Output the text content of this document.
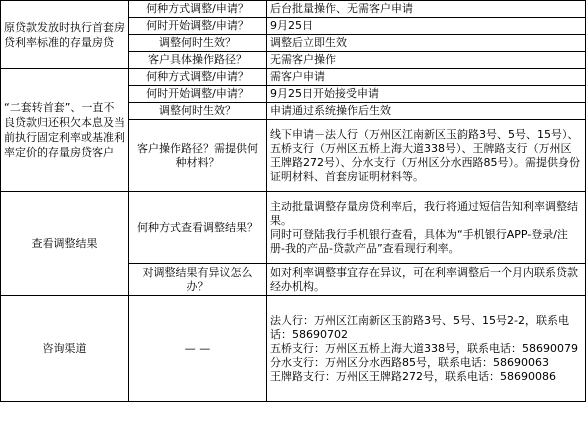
原贷款发放时执行首套房贷利率标准的存量房贷	何种方式调整/申请？	后台批量操作、无需客户申请
	何时开始调整/申请？	9月25日
	调整何时生效？	调整后立即生效
	客户具体操作路径？	无需客户操作
“二套转首套”、一直不良贷款归还积欠本息及当前执行固定利率或基准利率定价的存量房贷客户	何种方式调整/申请？	需客户申请
	何时开始调整/申请？	9月25日开始接受申请
	调整何时生效？	申请通过系统操作后生效
	客户操作路径？需提供何种材料？	线下申请－法人行（万州区江南新区玉韵路3号、5号、15号）、五桥支行（万州区五桥上海大道338号）、王牌路支行（万州区王牌路272号）、分水支行（万州区分水西路85号）。需提供身份证明材料、首套房证明材料等。
查看调整结果	何种方式查看调整结果？	主动批量调整存量房贷利率后，我行将通过短信告知利率调整结果。
同时可登陆我行手机银行查看，具体为“手机银行APP-登录/注册-我的产品-贷款产品”查看现行利率。

	对调整结果有异议怎么办？	如对利率调整事宜存在异议，可在利率调整后一个月内联系贷款经办机构。
咨询渠道	— —	法人行：万州区江南新区玉韵路3号、5号、15号2-2，联系电话：58690702
五桥支行：万州区五桥上海大道338号，联系电话：58690079
分水支行：万州区分水西路85号，联系电话：58690063
王牌路支行：万州区王牌路272号，联系电话：58690086
